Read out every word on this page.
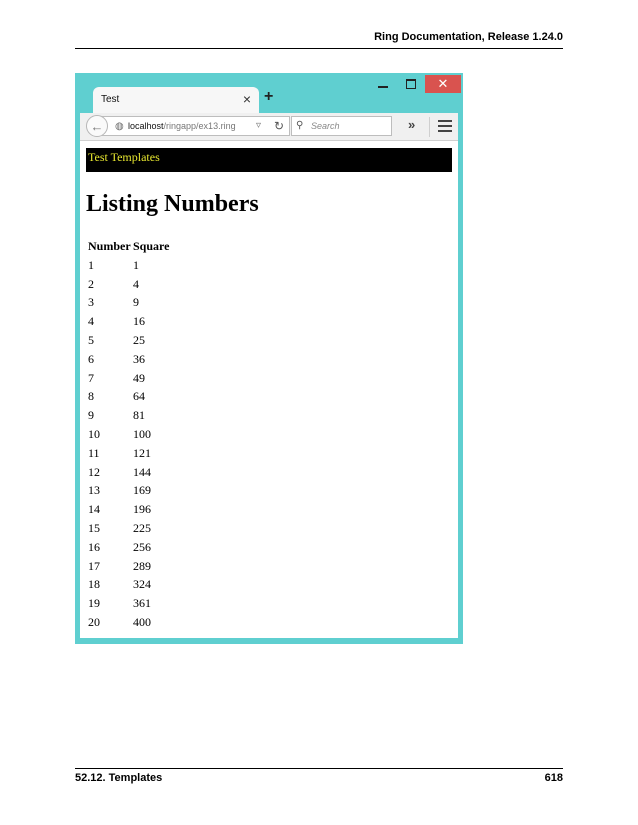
Ring Documentation, Release 1.24.0
✕
Test	× +
◍ localhost/ringapp/ex13.ring ▿ ↻
←	⚲ Search	»
Test Templates
Listing Numbers
Number	Square
1	1
2	4
3	9
4	16
5	25
6	36
7	49
8	64
9	81
10	100
11	121
12	144
13	169
14	196
15	225
16	256
17	289
18	324
19	361
20	400
52.12. Templates	618
